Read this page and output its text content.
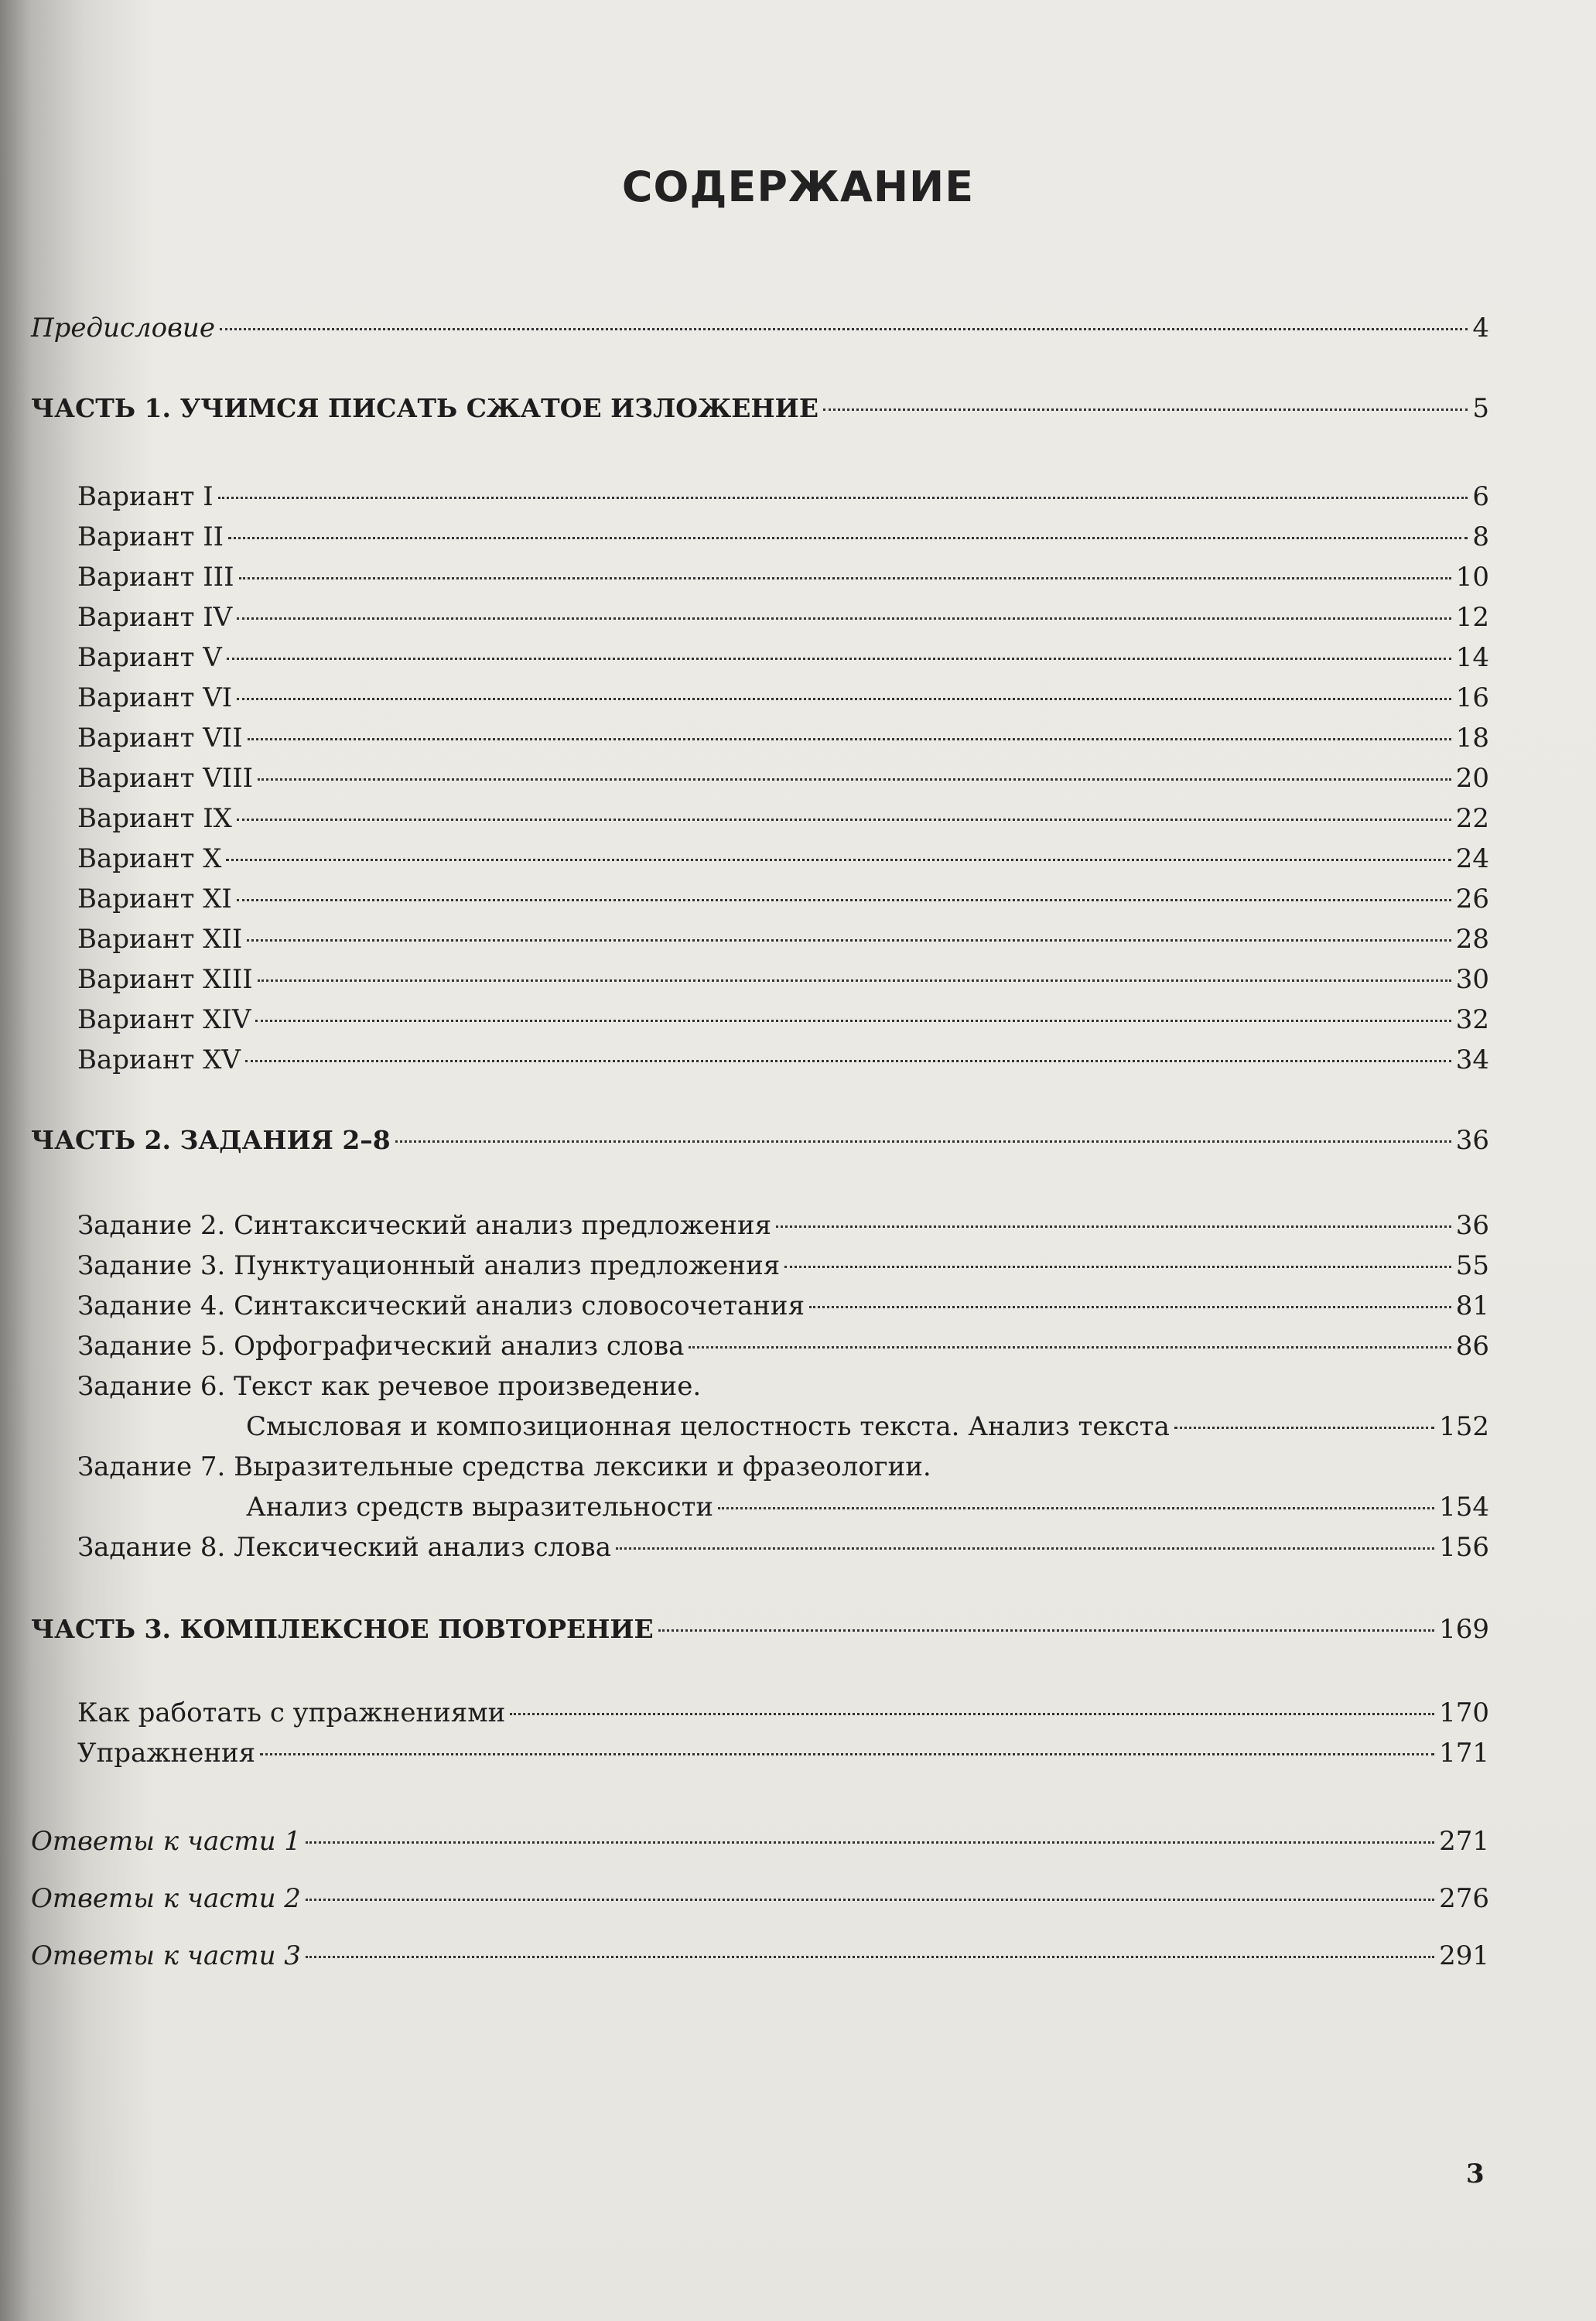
СОДЕРЖАНИЕ
Предисловие	4
ЧАСТЬ 1. УЧИМСЯ ПИСАТЬ СЖАТОЕ ИЗЛОЖЕНИЕ	5
Вариант I	6
Вариант II	8
Вариант III	10
Вариант IV	12
Вариант V	14
Вариант VI	16
Вариант VII	18
Вариант VIII	20
Вариант IX	22
Вариант X	24
Вариант XI	26
Вариант XII	28
Вариант XIII	30
Вариант XIV	32
Вариант XV	34
ЧАСТЬ 2. ЗАДАНИЯ 2–8	36
Задание 2. Синтаксический анализ предложения	36
Задание 3. Пунктуационный анализ предложения	55
Задание 4. Синтаксический анализ словосочетания	81
Задание 5. Орфографический анализ слова	86
Задание 6. Текст как речевое произведение.
Смысловая и композиционная целостность текста. Анализ текста	152
Задание 7. Выразительные средства лексики и фразеологии.
Анализ средств выразительности	154
Задание 8. Лексический анализ слова	156
ЧАСТЬ 3. КОМПЛЕКСНОЕ ПОВТОРЕНИЕ	169
Как работать с упражнениями	170
Упражнения	171
Ответы к части 1	271
Ответы к части 2	276
Ответы к части 3	291
3
